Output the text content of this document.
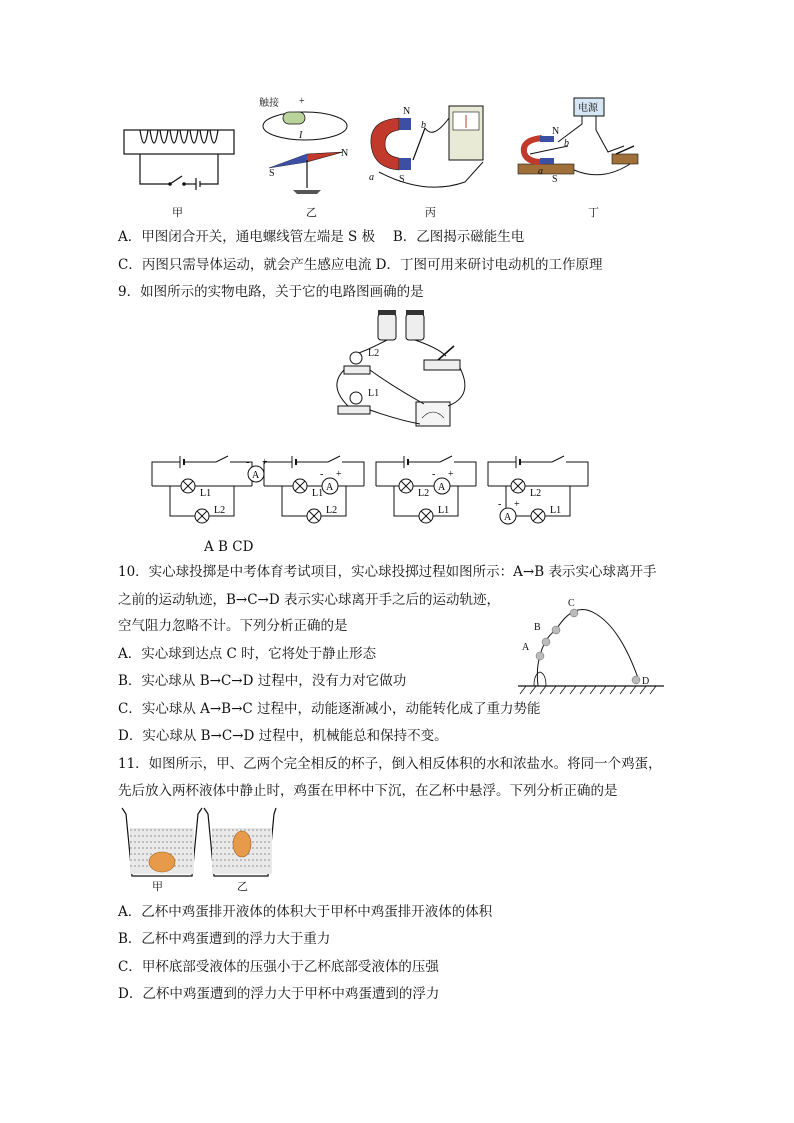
甲
触接 +
I
N
S
乙
N
S
a
b
丙
电源
N
S
b
a
丁
A．甲图闭合开关，通电螺线管左端是 S 极　 B．乙图揭示磁能生电
C．丙图只需导体运动，就会产生感应电流 D．丁图可用来研讨电动机的工作原理
9．如图所示的实物电路，关于它的电路图画确的是
L2
L1
L1
L2
A
+
-
L1
L2
A
+
-
L2
L1
A
+
-
L2
L1
A
+
-
A B CD
10．实心球投掷是中考体育考试项目，实心球投掷过程如图所示：A→B 表示实心球离开手
之前的运动轨迹，B→C→D 表示实心球离开手之后的运动轨迹，
空气阻力忽略不计。下列分析正确的是
A．实心球到达点 C 时，它将处于静止形态
B．实心球从 B→C→D 过程中，没有力对它做功
C．实心球从 A→B→C 过程中，动能逐渐减小，动能转化成了重力势能
D．实心球从 B→C→D 过程中，机械能总和保持不变。
A
B
C
D
11．如图所示，甲、乙两个完全相反的杯子，倒入相反体积的水和浓盐水。将同一个鸡蛋，
先后放入两杯液体中静止时，鸡蛋在甲杯中下沉，在乙杯中悬浮。下列分析正确的是
甲	乙
A．乙杯中鸡蛋排开液体的体积大于甲杯中鸡蛋排开液体的体积
B．乙杯中鸡蛋遭到的浮力大于重力
C．甲杯底部受液体的压强小于乙杯底部受液体的压强
D．乙杯中鸡蛋遭到的浮力大于甲杯中鸡蛋遭到的浮力
